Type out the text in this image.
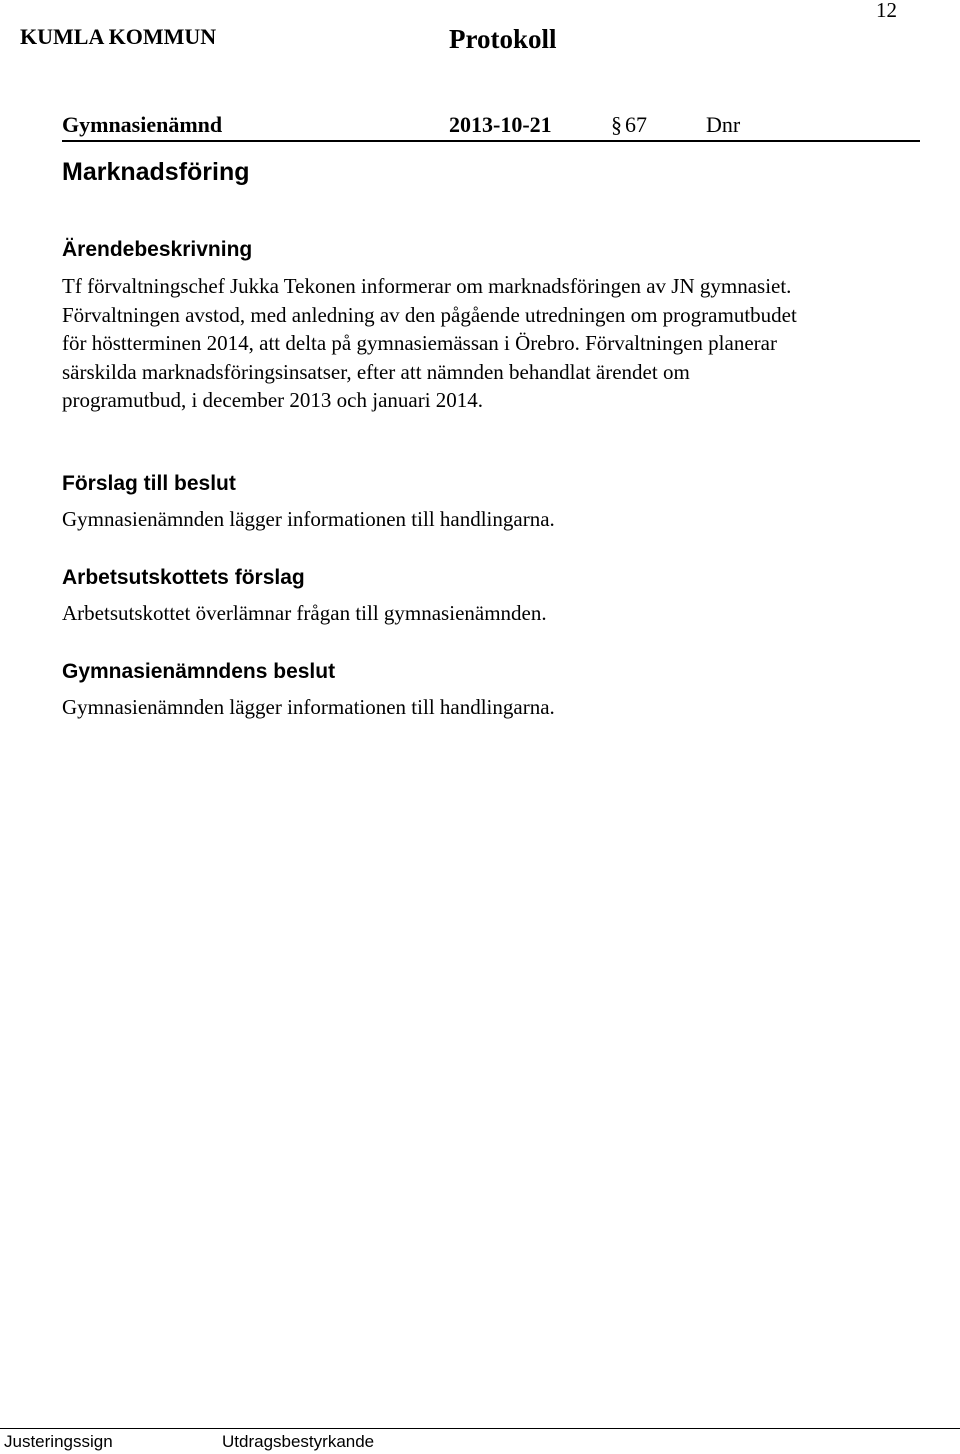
12
KUMLA KOMMUN	Protokoll
Gymnasienämnd	2013-10-21	§ 67	Dnr
Marknadsföring
Ärendebeskrivning
Tf förvaltningschef Jukka Tekonen informerar om marknadsföringen av JN gymnasiet.
Förvaltningen avstod, med anledning av den pågående utredningen om programutbudet
för höstterminen 2014, att delta på gymnasiemässan i Örebro. Förvaltningen planerar
särskilda marknadsföringsinsatser, efter att nämnden behandlat ärendet om
programutbud, i december 2013 och januari 2014.
Förslag till beslut
Gymnasienämnden lägger informationen till handlingarna.
Arbetsutskottets förslag
Arbetsutskottet överlämnar frågan till gymnasienämnden.
Gymnasienämndens beslut
Gymnasienämnden lägger informationen till handlingarna.
Justeringssign	Utdragsbestyrkande
